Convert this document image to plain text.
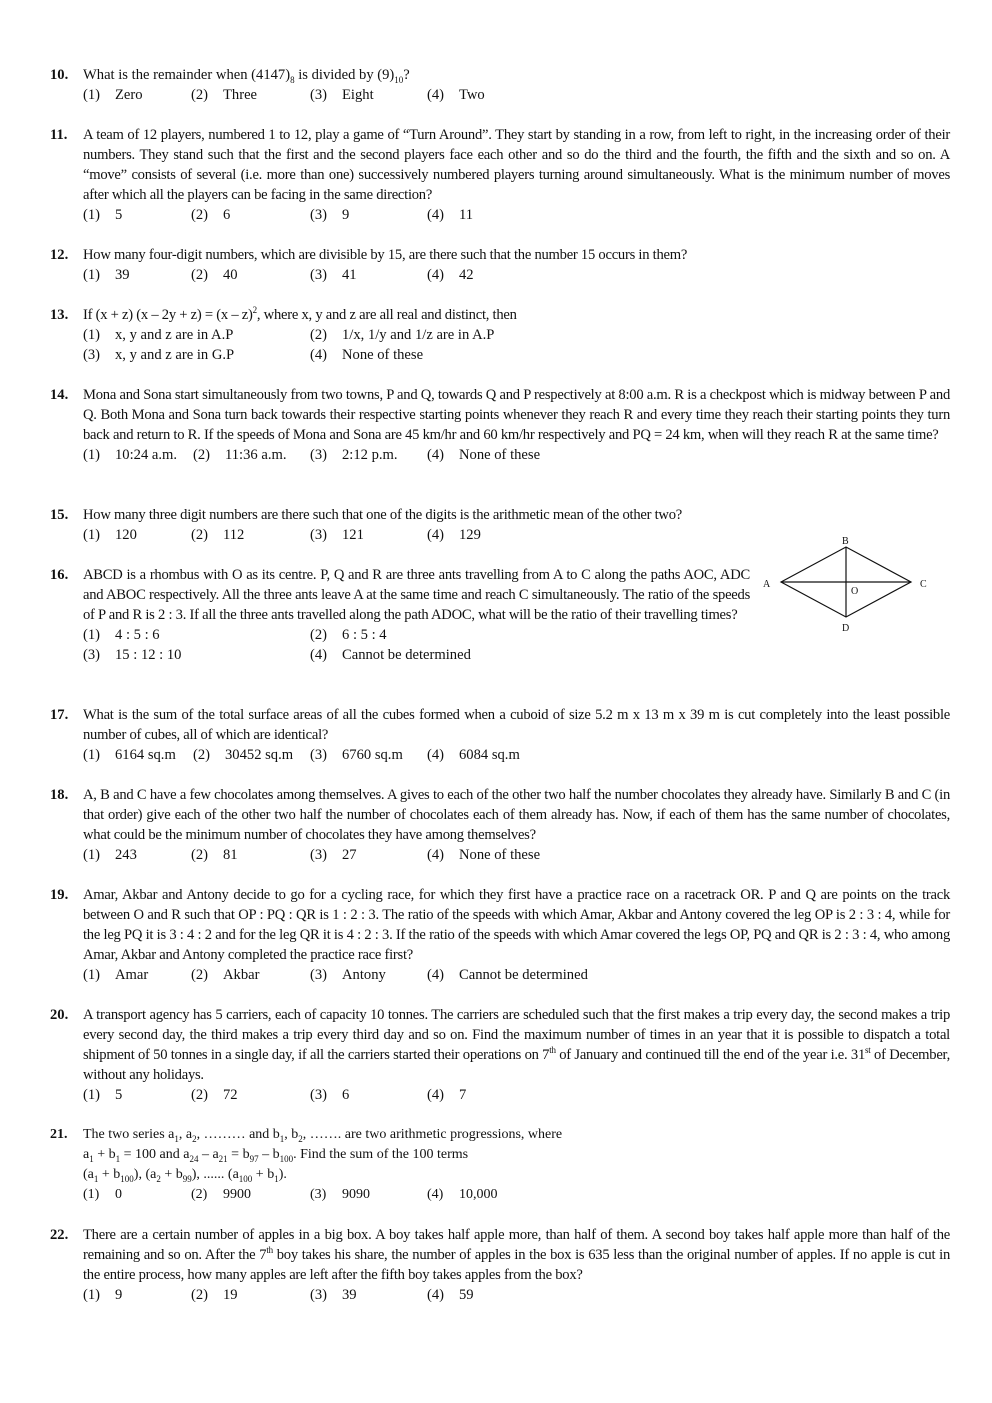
10. What is the remainder when $(4147)_8$ is divided by $(9)_{10}$?
(1) Zero	(2) Three	(3) Eight	(4) Two
11. A team of 12 players, numbered 1 to 12, play a game of “Turn Around”. They start by standing in a row, from left to right, in the increasing order of their numbers. They stand such that the first and the second players face each other and so do the third and the fourth, the fifth and the sixth and so on. A “move” consists of several (i.e. more than one) successively numbered players turning around simultaneously. What is the minimum number of moves after which all the players can be facing in the same direction?
(1) 5	(2) 6	(3) 9	(4) 11
12. How many four-digit numbers, which are divisible by 15, are there such that the number 15 occurs in them?
(1) 39	(2) 40	(3) 41	(4) 42
13. If (x + z) (x – 2y + z) = (x – z)$^2$, where x, y and z are all real and distinct, then
(1) x, y and z are in A.P	(2) 1/x, 1/y and 1/z are in A.P
(3) x, y and z are in G.P	(4) None of these
14. Mona and Sona start simultaneously from two towns, P and Q, towards Q and P respectively at 8:00 a.m. R is a checkpost which is midway between P and Q. Both Mona and Sona turn back towards their respective starting points whenever they reach R and every time they reach their starting points they turn back and return to R. If the speeds of Mona and Sona are 45 km/hr and 60 km/hr respectively and PQ = 24 km, when will they reach R at the same time?
(1) 10:24 a.m. (2) 11:36 a.m. (3) 2:12 p.m. (4) None of these
15. How many three digit numbers are there such that one of the digits is the arithmetic mean of the other two?
(1) 120	(2) 112	(3) 121	(4) 129
16. ABCD is a rhombus with O as its centre. P, Q and R are three ants travelling from A to C along the paths AOC, ADC and ABOC respectively. All the three ants leave A at the same time and reach C simultaneously. The ratio of the speeds of P and R is 2 : 3. If all the three ants travelled along the path ADOC, what will be the ratio of their travelling times?
(1) 4 : 5 : 6	(2) 6 : 5 : 4
(3) 15 : 12 : 10	(4) Cannot be determined
B
A	C
O
D
17. What is the sum of the total surface areas of all the cubes formed when a cuboid of size 5.2 m x 13 m x 39 m is cut completely into the least possible number of cubes, all of which are identical?
(1) 6164 sq.m (2) 30452 sq.m (3) 6760 sq.m (4) 6084 sq.m
18. A, B and C have a few chocolates among themselves. A gives to each of the other two half the number chocolates they already have. Similarly B and C (in that order) give each of the other two half the number of chocolates each of them already has. Now, if each of them has the same number of chocolates, what could be the minimum number of chocolates they have among themselves?
(1) 243	(2) 81	(3) 27	(4) None of these
19. Amar, Akbar and Antony decide to go for a cycling race, for which they first have a practice race on a racetrack OR. P and Q are points on the track between O and R such that OP : PQ : QR is 1 : 2 : 3. The ratio of the speeds with which Amar, Akbar and Antony covered the leg OP is 2 : 3 : 4, while for the leg PQ it is 3 : 4 : 2 and for the leg QR it is 4 : 2 : 3. If the ratio of the speeds with which Amar covered the legs OP, PQ and QR is 2 : 3 : 4, who among Amar, Akbar and Antony completed the practice race first?
(1) Amar	(2) Akbar	(3) Antony	(4) Cannot be determined
20. A transport agency has 5 carriers, each of capacity 10 tonnes. The carriers are scheduled such that the first makes a trip every day, the second makes a trip every second day, the third makes a trip every third day and so on. Find the maximum number of times in an year that it is possible to dispatch a total shipment of 50 tonnes in a single day, if all the carriers started their operations on 7th of January and continued till the end of the year i.e. 31st of December, without any holidays.
(1) 5	(2) 72	(3) 6	(4) 7
21. The two series $a_1$, $a_2$, ……… and $b_1$, $b_2$, ……. are two arithmetic progressions, where
$a_1 + b_1 = 100$ and $a_{24} - a_{21} = b_{97} - b_{100}$. Find the sum of the 100 terms
$(a_1 + b_{100})$, $(a_2 + b_{99})$, ...... $(a_{100} + b_1)$.
(1) 0	(2) 9900	(3) 9090	(4) 10,000
22. There are a certain number of apples in a big box. A boy takes half apple more, than half of them. A second boy takes half apple more than half of the remaining and so on. After the 7th boy takes his share, the number of apples in the box is 635 less than the original number of apples. If no apple is cut in the entire process, how many apples are left after the fifth boy takes apples from the box?
(1) 9	(2) 19	(3) 39	(4) 59
